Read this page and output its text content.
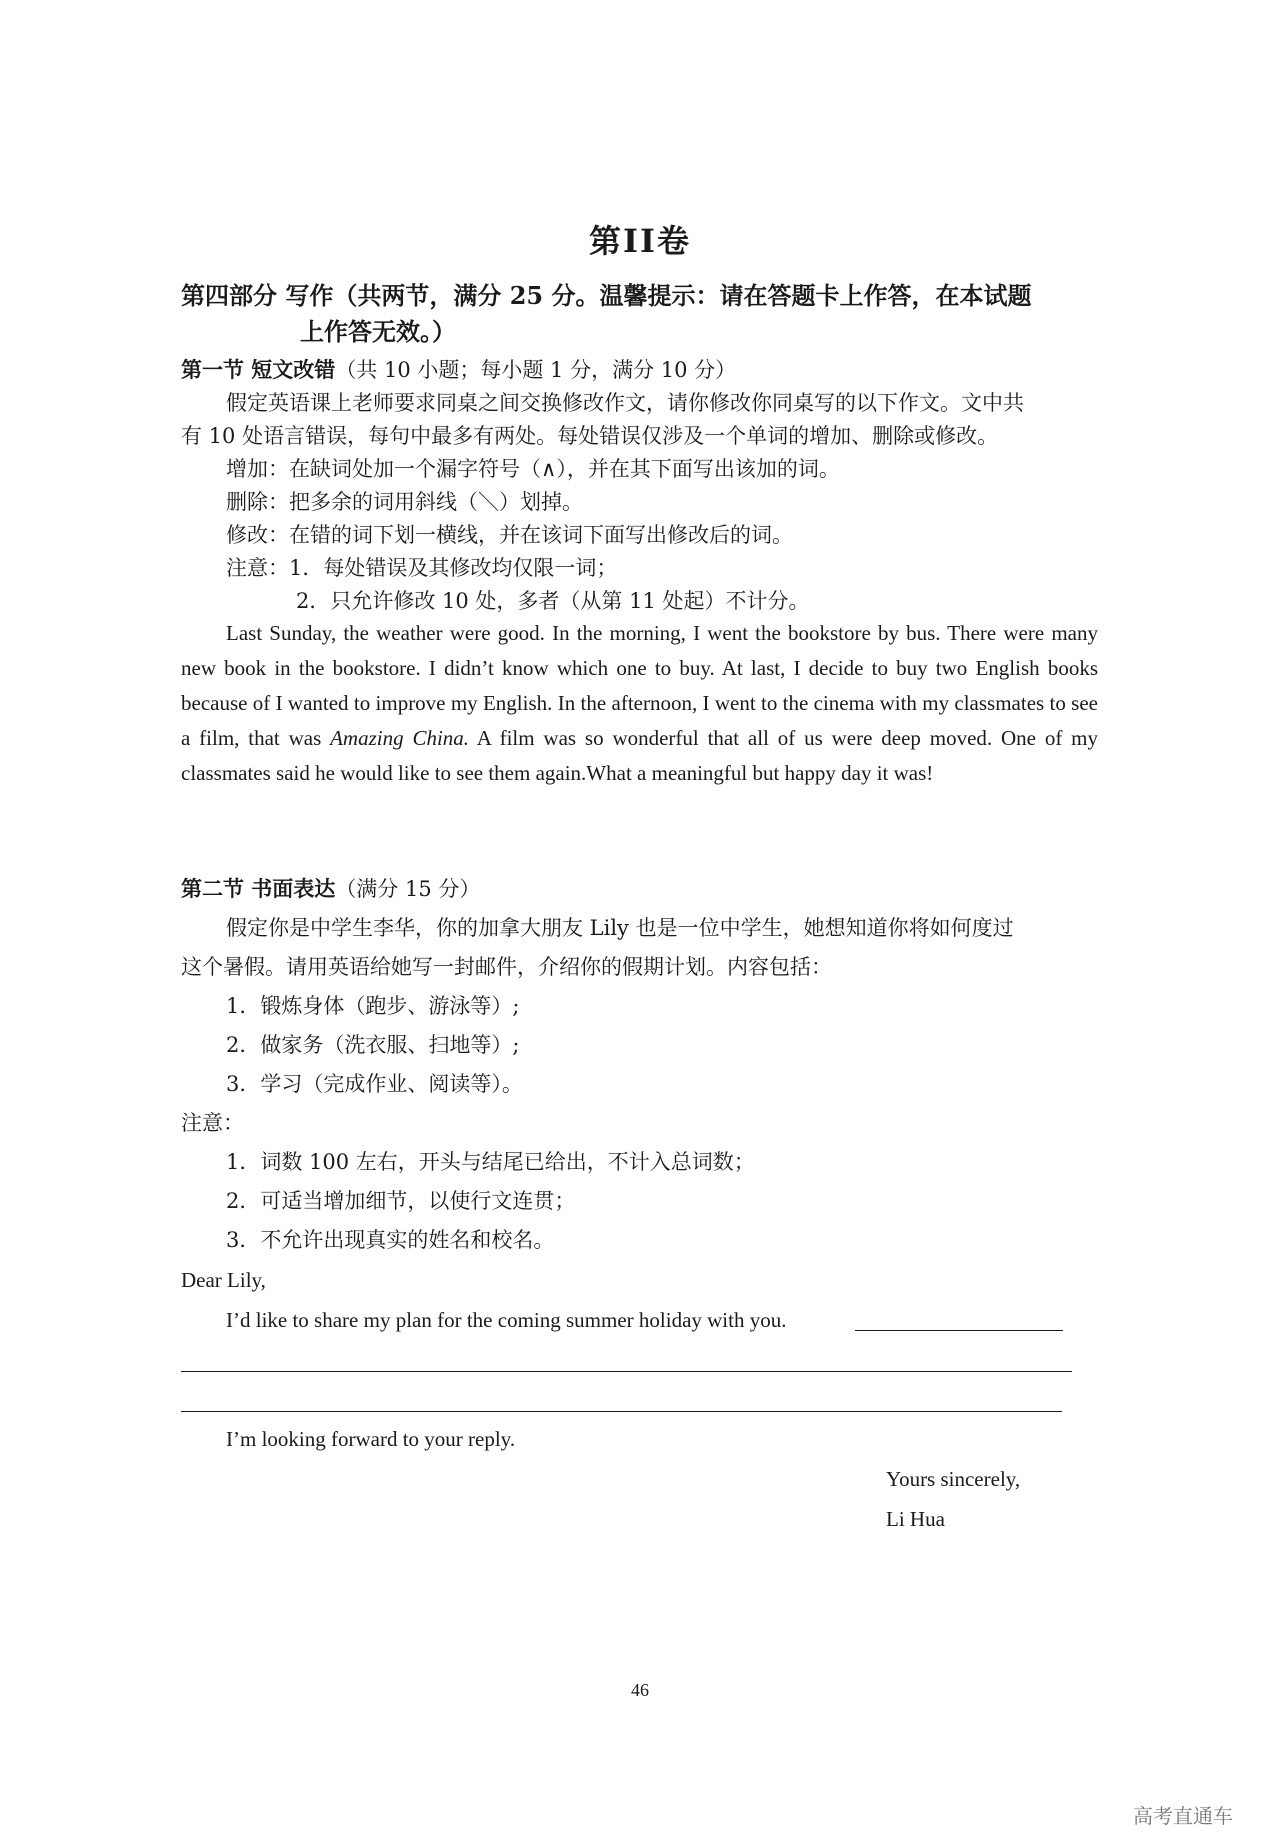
第II卷
第四部分 写作（共两节，满分 25 分。温馨提示：请在答题卡上作答，在本试题
上作答无效。）
第一节 短文改错（共 10 小题；每小题 1 分，满分 10 分）
假定英语课上老师要求同桌之间交换修改作文，请你修改你同桌写的以下作文。文中共
有 10 处语言错误，每句中最多有两处。每处错误仅涉及一个单词的增加、删除或修改。
增加：在缺词处加一个漏字符号（∧），并在其下面写出该加的词。
删除：把多余的词用斜线（＼）划掉。
修改：在错的词下划一横线，并在该词下面写出修改后的词。
注意：1．每处错误及其修改均仅限一词；
2．只允许修改 10 处，多者（从第 11 处起）不计分。
Last Sunday, the weather were good. In the morning, I went the bookstore by bus. There were many new book in the bookstore. I didn’t know which one to buy. At last, I decide to buy two English books because of I wanted to improve my English. In the afternoon, I went to the cinema with my classmates to see a film, that was Amazing China. A film was so wonderful that all of us were deep moved. One of my classmates said he would like to see them again.What a meaningful but happy day it was!
第二节 书面表达（满分 15 分）
假定你是中学生李华，你的加拿大朋友 Lily 也是一位中学生，她想知道你将如何度过
这个暑假。请用英语给她写一封邮件，介绍你的假期计划。内容包括：
1．锻炼身体（跑步、游泳等）;
2．做家务（洗衣服、扫地等）;
3．学习（完成作业、阅读等）。
注意：
1．词数 100 左右，开头与结尾已给出，不计入总词数；
2．可适当增加细节，以使行文连贯；
3．不允许出现真实的姓名和校名。
Dear Lily,
I’d like to share my plan for the coming summer holiday with you.
I’m looking forward to your reply.
Yours sincerely,
Li Hua
46
高考直通车
